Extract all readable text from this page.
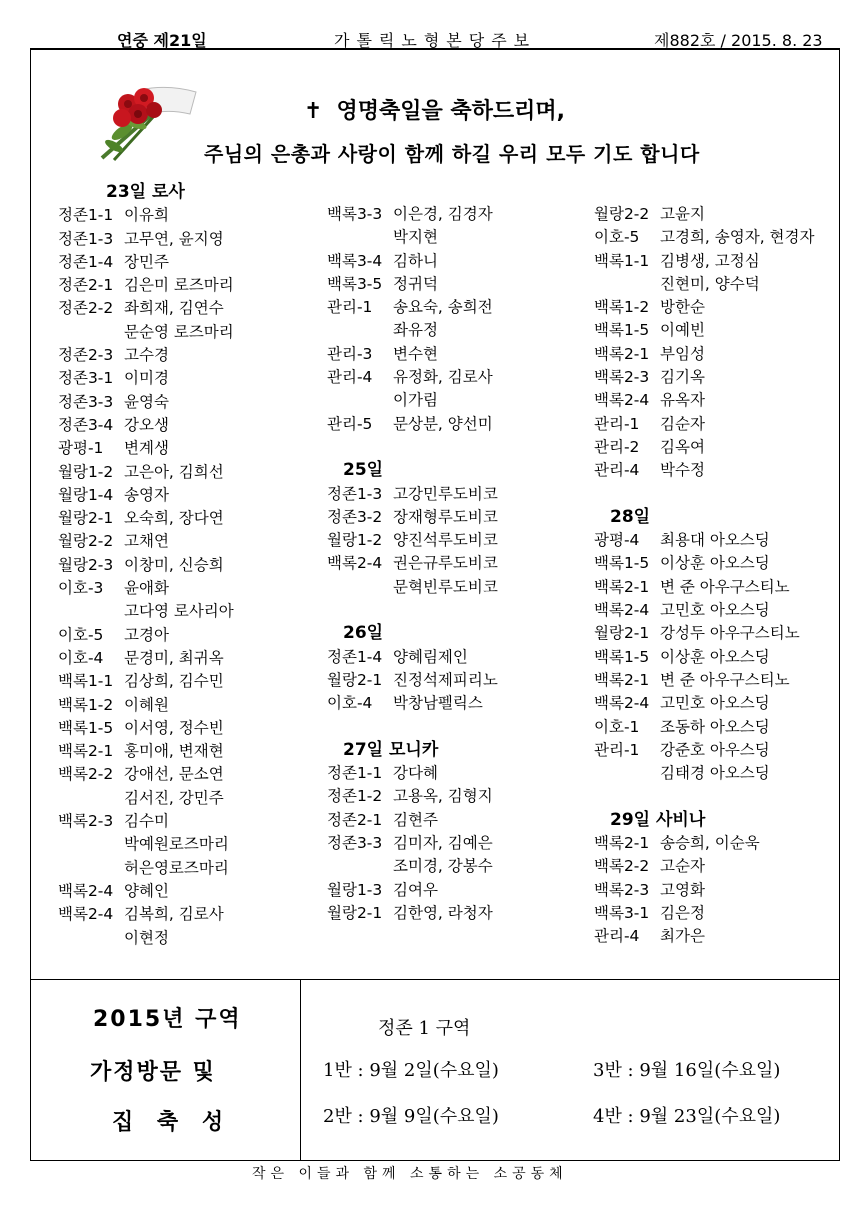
연중 제21일	가톨릭노형본당주보	제882호 / 2015. 8. 23
✝ 영명축일을 축하드리며,
주님의 은총과 사랑이 함께 하길 우리 모두 기도 합니다
23일 로사
정존1-1 이유희
정존1-3 고무연, 윤지영
정존1-4 장민주
정존2-1 김은미 로즈마리
정존2-2 좌희재, 김연수
문순영 로즈마리
정존2-3 고수경
정존3-1 이미경
정존3-3 윤영숙
정존3-4 강오생
광평-1	변계생
월랑1-2 고은아, 김희선
월랑1-4 송영자
월랑2-1 오숙희, 장다연
월랑2-2 고채연
월랑2-3 이창미, 신승희
이호-3	윤애화
고다영 로사리아
이호-5	고경아
이호-4	문경미, 최귀옥
백록1-1 김상희, 김수민
백록1-2 이혜원
백록1-5 이서영, 정수빈
백록2-1 홍미애, 변재현
백록2-2 강애선, 문소연
김서진, 강민주
백록2-3 김수미
박예원로즈마리
허은영로즈마리
백록2-4 양혜인
백록2-4 김복희, 김로사
이현정
백록3-3 이은경, 김경자
박지현
백록3-4 김하니
백록3-5 정귀덕
관리-1	송요숙, 송희전
좌유정
관리-3	변수현
관리-4	유정화, 김로사
이가림
관리-5	문상분, 양선미
25일
정존1-3 고강민루도비코
정존3-2 장재형루도비코
월랑1-2 양진석루도비코
백록2-4 권은규루도비코
문혁빈루도비코
26일
정존1-4 양혜림제인
월랑2-1 진정석제피리노
이호-4	박창남펠릭스
27일 모니카
정존1-1 강다혜
정존1-2 고용옥, 김형지
정존2-1 김현주
정존3-3 김미자, 김예은
조미경, 강봉수
월랑1-3 김여우
월랑2-1 김한영, 라청자
월랑2-2 고윤지
이호-5	고경희, 송영자, 현경자
백록1-1 김병생, 고정심
진현미, 양수덕
백록1-2 방한순
백록1-5 이예빈
백록2-1 부임성
백록2-3 김기옥
백록2-4 유옥자
관리-1	김순자
관리-2	김옥여
관리-4	박수정
28일
광평-4	최용대 아오스딩
백록1-5 이상훈 아오스딩
백록2-1 변 준 아우구스티노
백록2-4 고민호 아오스딩
월랑2-1 강성두 아우구스티노
백록1-5 이상훈 아오스딩
백록2-1 변 준 아우구스티노
백록2-4 고민호 아오스딩
이호-1	조동하 아오스딩
관리-1	강준호 아우스딩
김태경 아오스딩
29일 사비나
백록2-1 송승희, 이순욱
백록2-2 고순자
백록2-3 고영화
백록3-1 김은정
관리-4	최가은
2015년 구역
가정방문 및
집 축 성
정존 1 구역
1반 : 9월 2일(수요일)	3반 : 9월 16일(수요일)
2반 : 9월 9일(수요일)	4반 : 9월 23일(수요일)
작은 이들과 함께 소통하는 소공동체
